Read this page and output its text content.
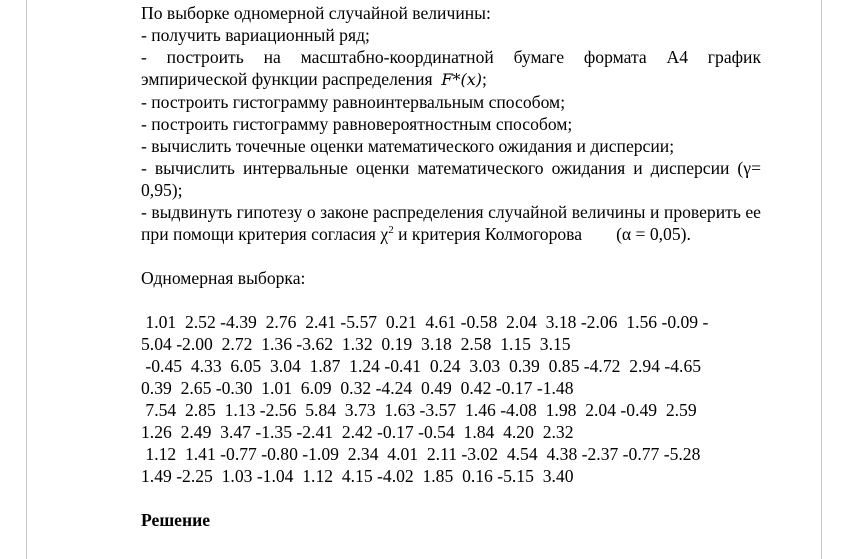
По выборке одномерной случайной величины:

- получить вариационный ряд;

- построить на масштабно-координатной бумаге формата А4 график эмпирической функции распределения F*(x);

- построить гистограмму равноинтервальным способом;

- построить гистограмму равновероятностным способом;

- вычислить точечные оценки математического ожидания и дисперсии;

- вычислить интервальные оценки математического ожидания и дисперсии (γ= 0,95);

- выдвинуть гипотезу о законе распределения случайной величины и проверить ее при помощи критерия согласия $\chi^2$ и критерия Колмогорова (α = 0,05).

Одномерная выборка:

1.01  2.52 -4.39  2.76  2.41 -5.57  0.21  4.61 -0.58  2.04  3.18 -2.06  1.56 -0.09 -

5.04 -2.00  2.72  1.36 -3.62  1.32  0.19  3.18  2.58  1.15  3.15

-0.45  4.33  6.05  3.04  1.87  1.24 -0.41  0.24  3.03  0.39  0.85 -4.72  2.94 -4.65

0.39  2.65 -0.30  1.01  6.09  0.32 -4.24  0.49  0.42 -0.17 -1.48

7.54  2.85  1.13 -2.56  5.84  3.73  1.63 -3.57  1.46 -4.08  1.98  2.04 -0.49  2.59

1.26  2.49  3.47 -1.35 -2.41  2.42 -0.17 -0.54  1.84  4.20  2.32

1.12  1.41 -0.77 -0.80 -1.09  2.34  4.01  2.11 -3.02  4.54  4.38 -2.37 -0.77 -5.28

1.49 -2.25  1.03 -1.04  1.12  4.15 -4.02  1.85  0.16 -5.15  3.40

Решение
